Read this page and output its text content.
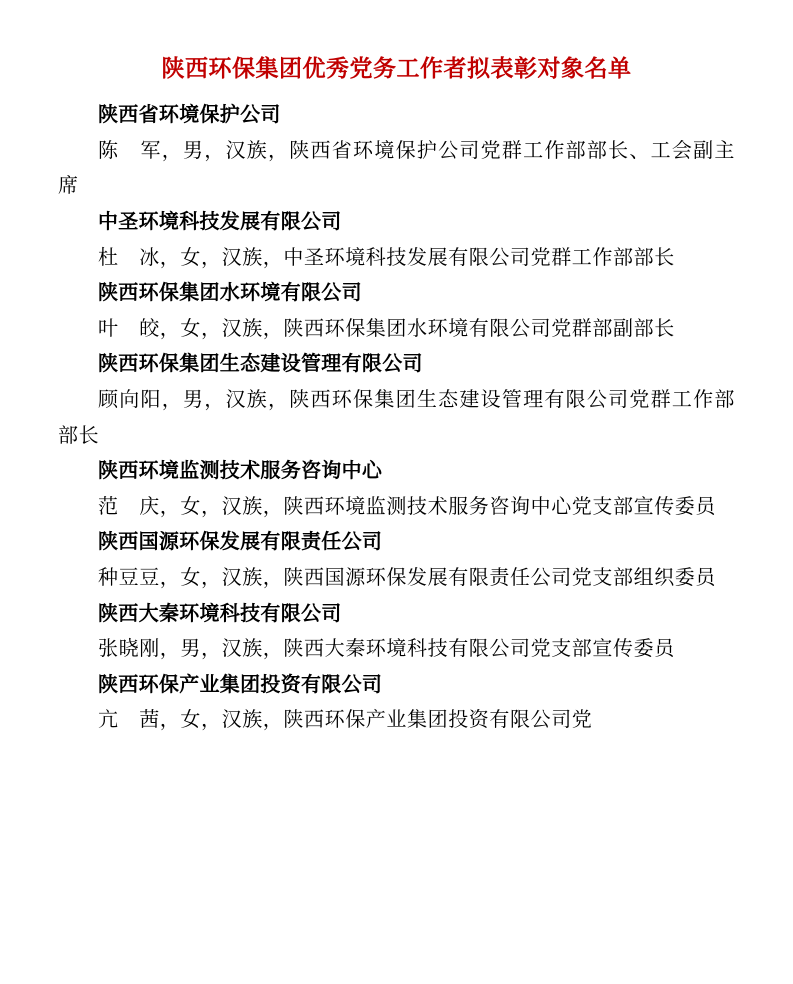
陕西环保集团优秀党务工作者拟表彰对象名单

陕西省环境保护公司

陈　军，男，汉族，陕西省环境保护公司党群工作部部长、工会副主席

中圣环境科技发展有限公司

杜　冰，女，汉族，中圣环境科技发展有限公司党群工作部部长

陕西环保集团水环境有限公司

叶　皎，女，汉族，陕西环保集团水环境有限公司党群部副部长

陕西环保集团生态建设管理有限公司

顾向阳，男，汉族，陕西环保集团生态建设管理有限公司党群工作部部长

陕西环境监测技术服务咨询中心

范　庆，女，汉族，陕西环境监测技术服务咨询中心党支部宣传委员

陕西国源环保发展有限责任公司

种豆豆，女，汉族，陕西国源环保发展有限责任公司党支部组织委员

陕西大秦环境科技有限公司

张晓刚，男，汉族，陕西大秦环境科技有限公司党支部宣传委员

陕西环保产业集团投资有限公司

亢　茜，女，汉族，陕西环保产业集团投资有限公司党
